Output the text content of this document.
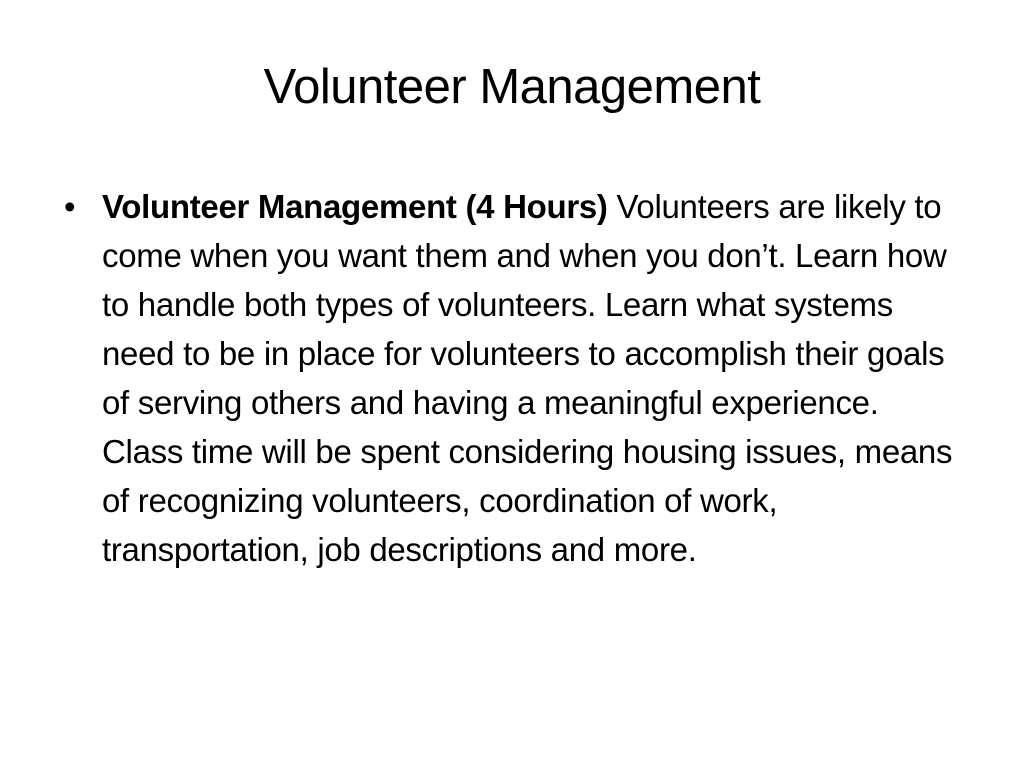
Volunteer Management
• Volunteer Management (4 Hours) Volunteers are likely to come when you want them and when you don’t. Learn how to handle both types of volunteers. Learn what systems need to be in place for volunteers to accomplish their goals of serving others and having a meaningful experience. Class time will be spent considering housing issues, means of recognizing volunteers, coordination of work, transportation, job descriptions and more.
